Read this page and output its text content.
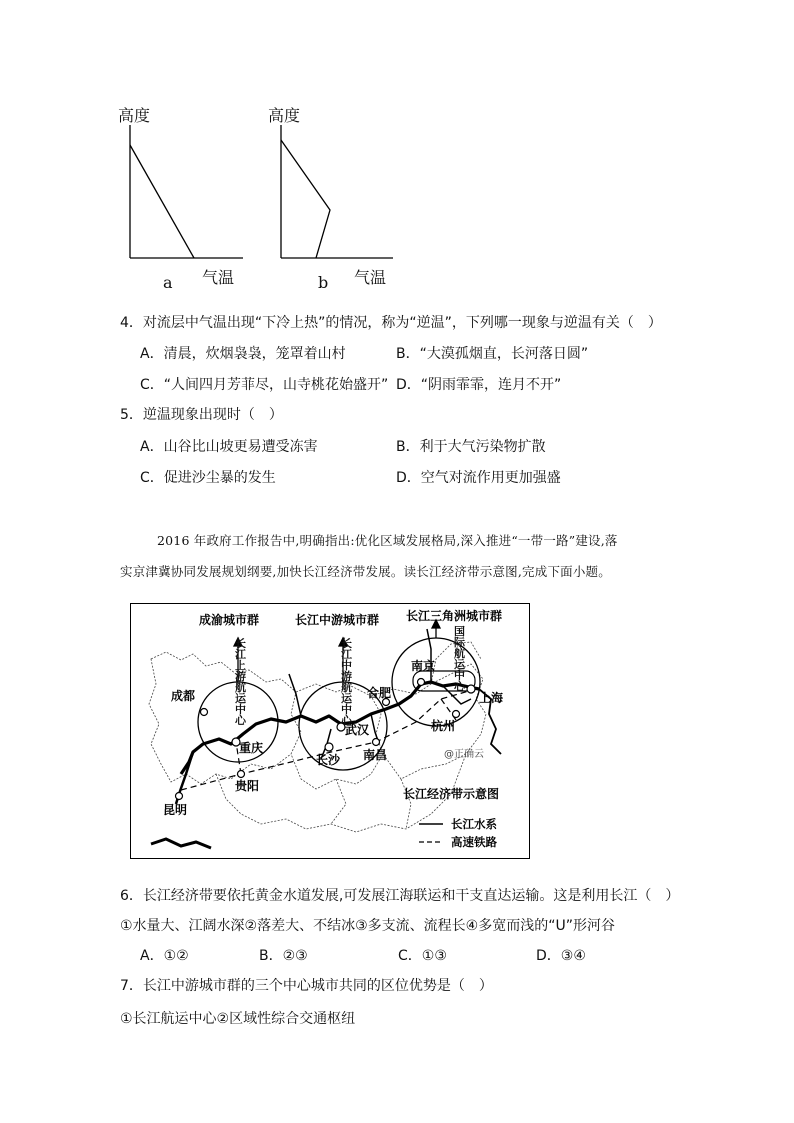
高度
气温
a
高度
气温
b
4．对流层中气温出现“下冷上热”的情况，称为“逆温”，下列哪一现象与逆温有关（　）
A．清晨，炊烟袅袅，笼罩着山村	B．“大漠孤烟直，长河落日圆”
C．“人间四月芳菲尽，山寺桃花始盛开” D．“阴雨霏霏，连月不开”
5．逆温现象出现时（　）
A．山谷比山坡更易遭受冻害	B．利于大气污染物扩散
C．促进沙尘暴的发生	D．空气对流作用更加强盛
2016 年政府工作报告中,明确指出:优化区域发展格局,深入推进“一带一路”建设,落
实京津冀协同发展规划纲要,加快长江经济带发展。读长江经济带示意图,完成下面小题。
成渝城市群	长江中游城市群 长江三角洲城市群
成都
重庆
贵阳
昆明
武汉
长沙 南昌
合肥
南京
上海
杭州
@正确云
长江经济带示意图
长江水系
高速铁路
长江上游航运中心
长江中游航运中心
国际航运中心
6．长江经济带要依托黄金水道发展,可发展江海联运和干支直达运输。这是利用长江（　）
①水量大、江阔水深②落差大、不结冰③多支流、流程长④多宽而浅的“U”形河谷
A．①②	B．②③	C．①③	D．③④
7．长江中游城市群的三个中心城市共同的区位优势是（　）
①长江航运中心②区域性综合交通枢纽
